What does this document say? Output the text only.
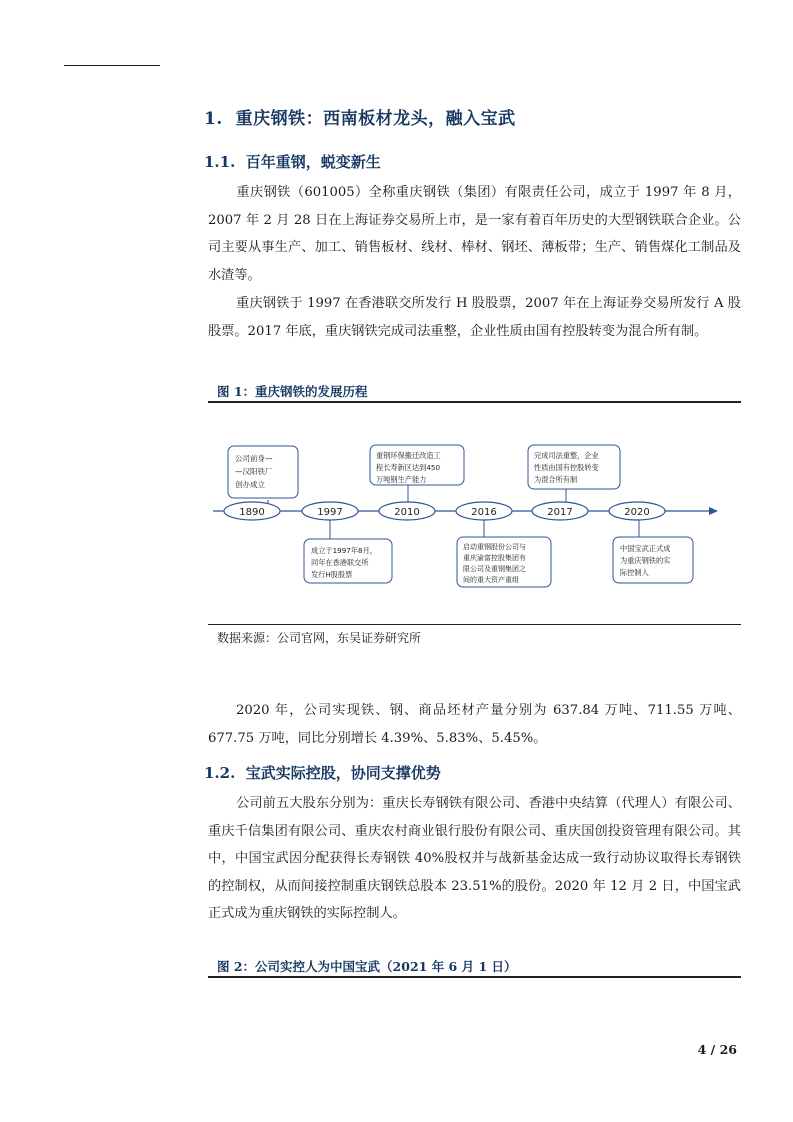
1. 重庆钢铁：西南板材龙头，融入宝武
1.1. 百年重钢，蜕变新生
重庆钢铁（601005）全称重庆钢铁（集团）有限责任公司，成立于 1997 年 8 月，2007 年 2 月 28 日在上海证券交易所上市，是一家有着百年历史的大型钢铁联合企业。公司主要从事生产、加工、销售板材、线材、棒材、钢坯、薄板带；生产、销售煤化工制品及水渣等。
重庆钢铁于 1997 在香港联交所发行 H 股股票，2007 年在上海证券交易所发行 A 股股票。2017 年底，重庆钢铁完成司法重整，企业性质由国有控股转变为混合所有制。
图 1：重庆钢铁的发展历程
1890	1997	2010	2016	2017	2020
公司前身—
—汉阳铁厂
创办成立
重钢环保搬迁改造工
程长寿新区达到450
万吨钢生产能力
完成司法重整，企业
性质由国有控股转变
为混合所有制
成立于1997年8月，
同年在香港联交所
发行H股股票
启动重钢股份公司与
重庆渝富控股集团有
限公司及重钢集团之
间的重大资产重组
中国宝武正式成
为重庆钢铁的实
际控制人
数据来源：公司官网，东吴证券研究所
2020 年，公司实现铁、钢、商品坯材产量分别为 637.84 万吨、711.55 万吨、677.75 万吨，同比分别增长 4.39%、5.83%、5.45%。
1.2. 宝武实际控股，协同支撑优势
公司前五大股东分别为：重庆长寿钢铁有限公司、香港中央结算（代理人）有限公司、重庆千信集团有限公司、重庆农村商业银行股份有限公司、重庆国创投资管理有限公司。其中，中国宝武因分配获得长寿钢铁 40%股权并与战新基金达成一致行动协议取得长寿钢铁的控制权，从而间接控制重庆钢铁总股本 23.51%的股份。2020 年 12 月 2 日，中国宝武正式成为重庆钢铁的实际控制人。
图 2：公司实控人为中国宝武（2021 年 6 月 1 日）
4 / 26
